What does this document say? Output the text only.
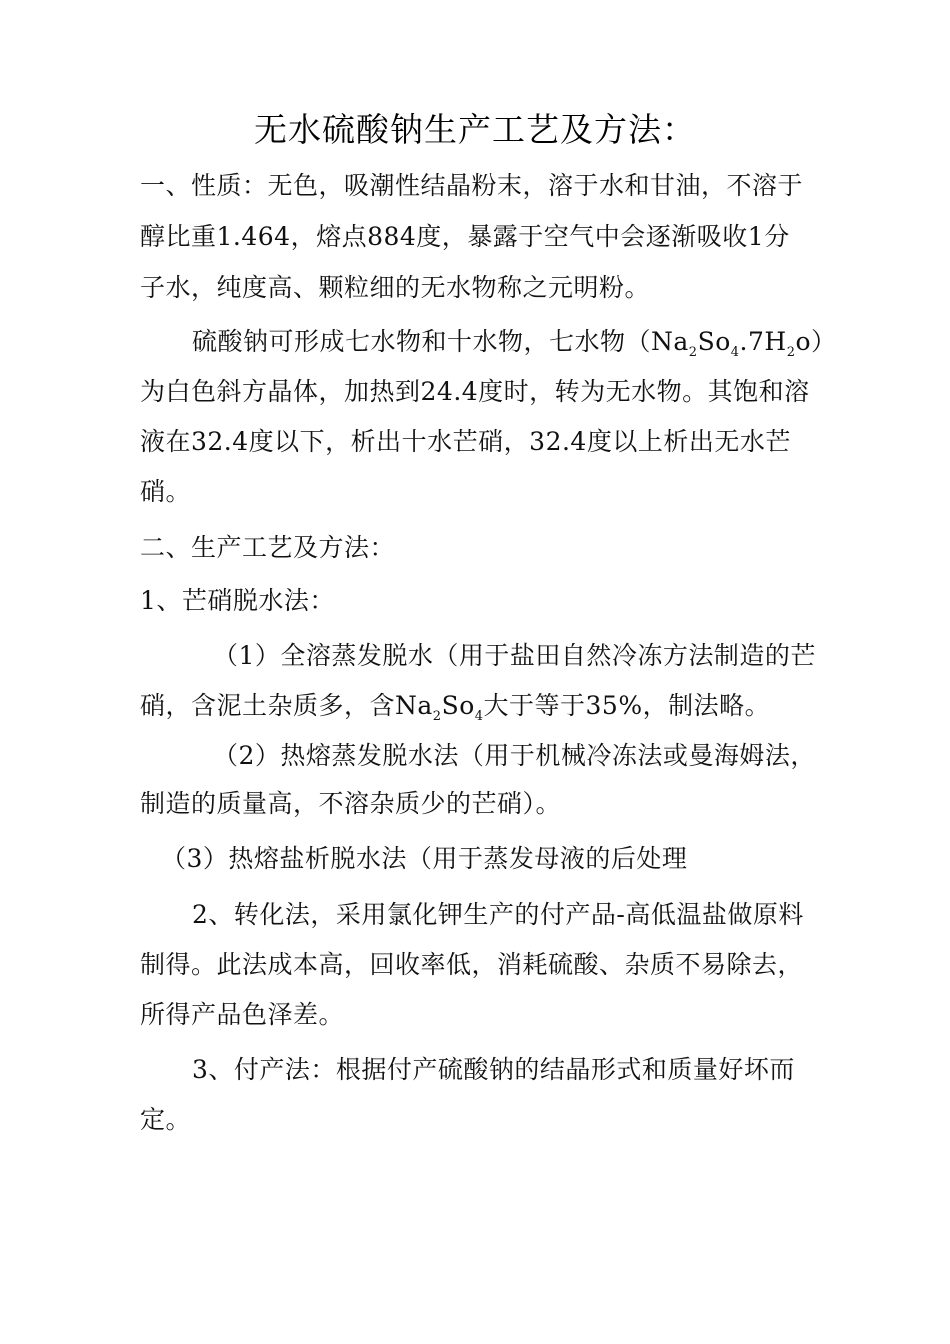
无水硫酸钠生产工艺及方法：
一、性质：无色，吸潮性结晶粉末，溶于水和甘油，不溶于
醇比重1.464，熔点884度，暴露于空气中会逐渐吸收1分
子水，纯度高、颗粒细的无水物称之元明粉。
硫酸钠可形成七水物和十水物，七水物$(Na_2So_4.7H_2o)$
为白色斜方晶体，加热到24.4度时，转为无水物。其饱和溶
液在32.4度以下，析出十水芒硝，32.4度以上析出无水芒
硝。
二、生产工艺及方法：
1、芒硝脱水法：
（1）全溶蒸发脱水（用于盐田自然冷冻方法制造的芒
硝，含泥土杂质多，含$Na_2So_4$大于等于35%，制法略。
（2）热熔蒸发脱水法（用于机械冷冻法或曼海姆法，
制造的质量高，不溶杂质少的芒硝）。
（3）热熔盐析脱水法（用于蒸发母液的后处理
2、转化法，采用氯化钾生产的付产品-高低温盐做原料
制得。此法成本高，回收率低，消耗硫酸、杂质不易除去，
所得产品色泽差。
3、付产法：根据付产硫酸钠的结晶形式和质量好坏而
定。
